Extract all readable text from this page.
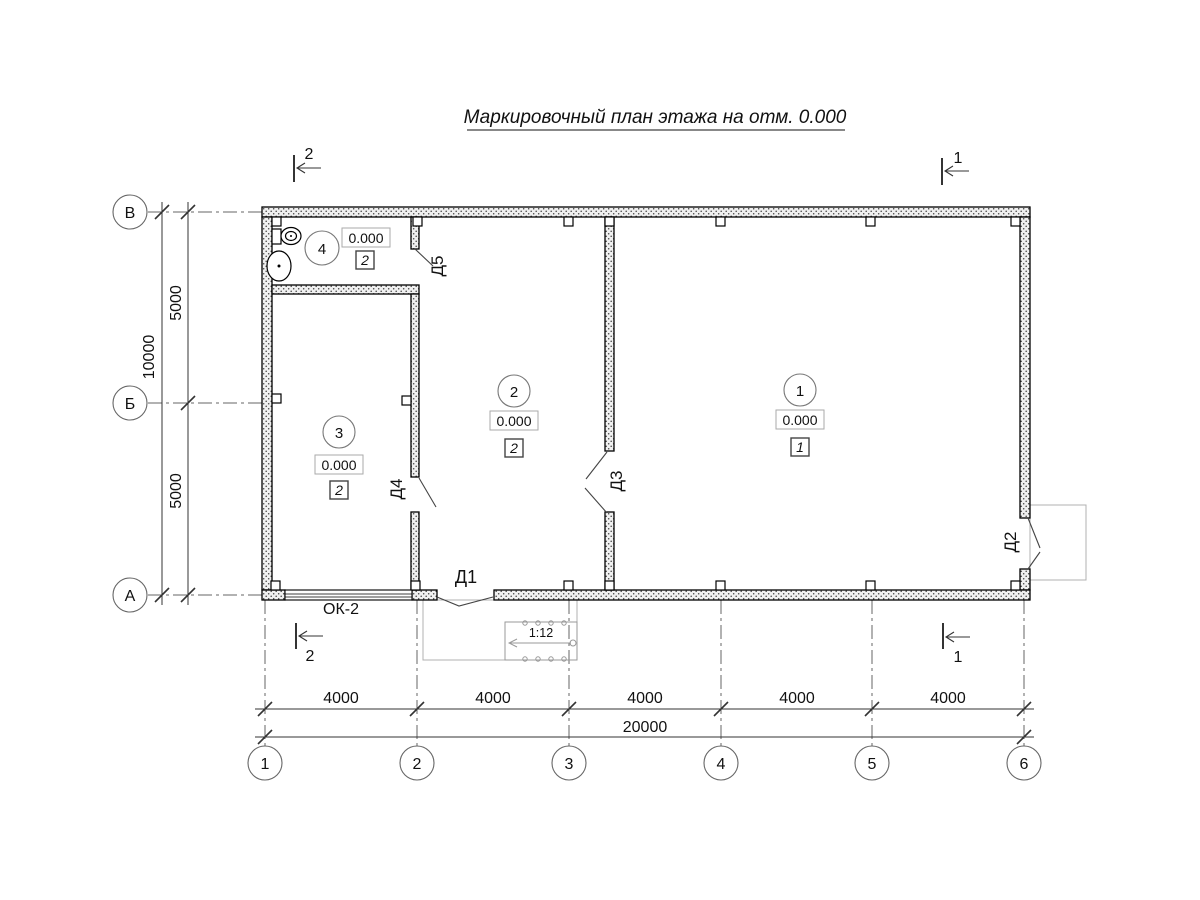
Маркировочный план этажа на отм. 0.000
1:12
10000
5000
5000
4000	4000	4000	4000	4000
20000
В
Б
А
1	2	3	4	5	6
2	1
2	1
1
0.000
1
2
0.000
2
3
0.000
2
4
0.000
2
Д1
Д2
Д3
Д4
Д5
ОК-2
